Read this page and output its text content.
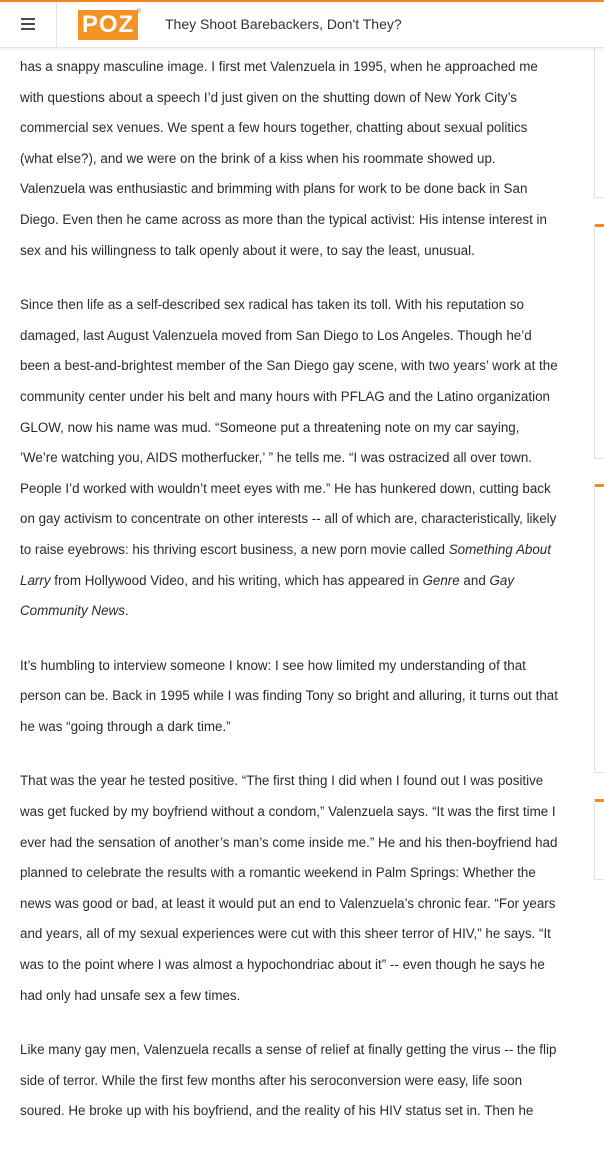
POZ ®
They Shoot Barebackers, Don't They?

has a snappy masculine image. I first met Valenzuela in 1995, when he approached me with questions about a speech I’d just given on the shutting down of New York City’s commercial sex venues. We spent a few hours together, chatting about sexual politics (what else?), and we were on the brink of a kiss when his roommate showed up. Valenzuela was enthusiastic and brimming with plans for work to be done back in San Diego. Even then he came across as more than the typical activist: His intense interest in sex and his willingness to talk openly about it were, to say the least, unusual.

Since then life as a self-described sex radical has taken its toll. With his reputation so damaged, last August Valenzuela moved from San Diego to Los Angeles. Though he’d been a best-and-brightest member of the San Diego gay scene, with two years’ work at the community center under his belt and many hours with PFLAG and the Latino organization GLOW, now his name was mud. “Someone put a threatening note on my car saying, ’We’re watching you, AIDS motherfucker,’ ” he tells me. “I was ostracized all over town. People I’d worked with wouldn’t meet eyes with me.” He has hunkered down, cutting back on gay activism to concentrate on other interests -- all of which are, characteristically, likely to raise eyebrows: his thriving escort business, a new porn movie called Something About Larry from Hollywood Video, and his writing, which has appeared in Genre and Gay Community News.

It’s humbling to interview someone I know: I see how limited my understanding of that person can be. Back in 1995 while I was finding Tony so bright and alluring, it turns out that he was “going through a dark time.”

That was the year he tested positive. “The first thing I did when I found out I was positive was get fucked by my boyfriend without a condom,” Valenzuela says. “It was the first time I ever had the sensation of another’s man’s come inside me.” He and his then-boyfriend had planned to celebrate the results with a romantic weekend in Palm Springs: Whether the news was good or bad, at least it would put an end to Valenzuela’s chronic fear. “For years and years, all of my sexual experiences were cut with this sheer terror of HIV,” he says. “It was to the point where I was almost a hypochondriac about it” -- even though he says he had only had unsafe sex a few times.

Like many gay men, Valenzuela recalls a sense of relief at finally getting the virus -- the flip side of terror. While the first few months after his seroconversion were easy, life soon soured. He broke up with his boyfriend, and the reality of his HIV status set in. Then he
